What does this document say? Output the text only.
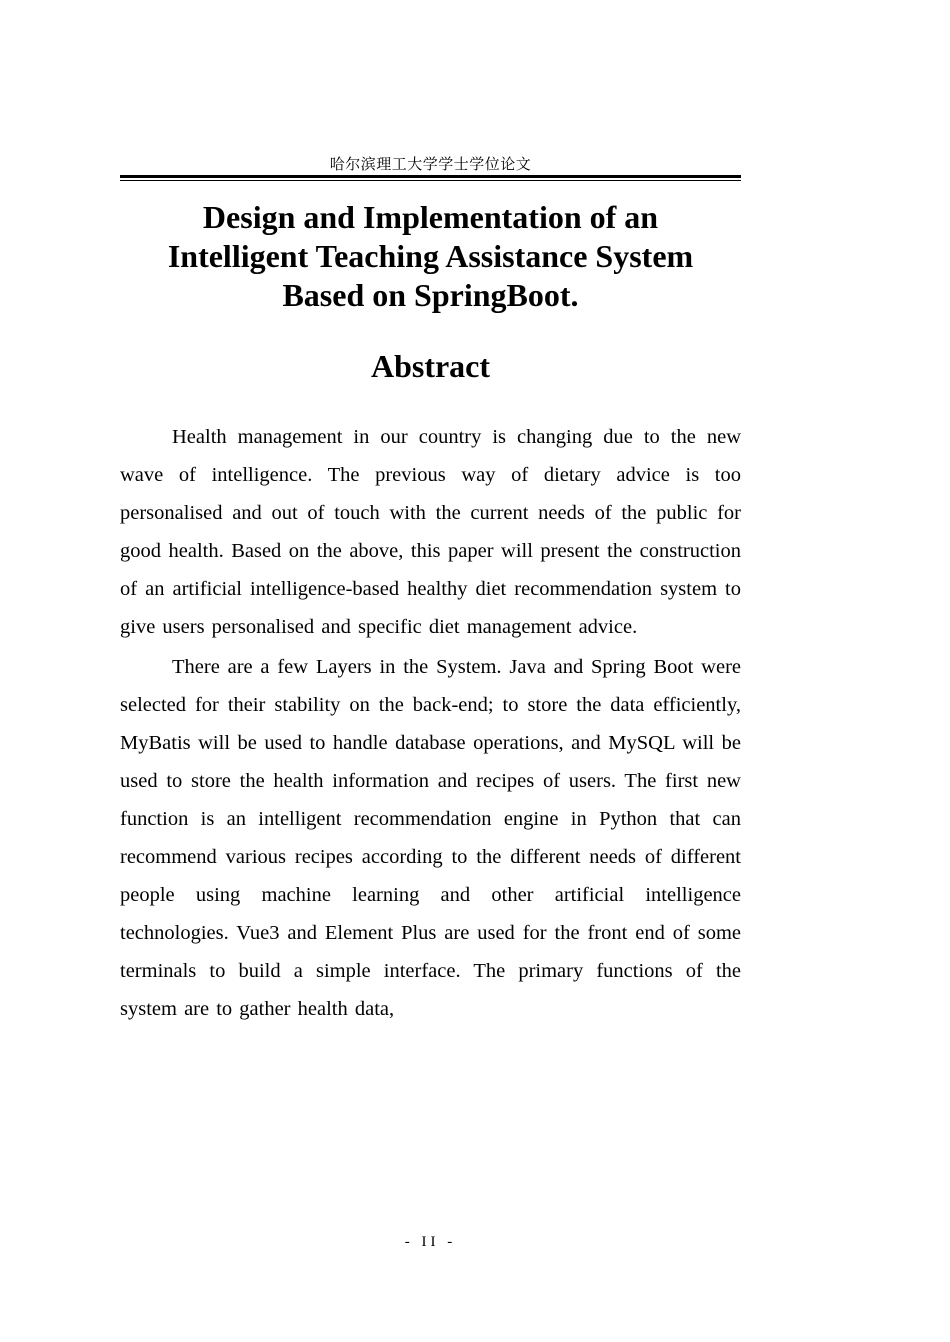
哈尔滨理工大学学士学位论文
Design and Implementation of an
Intelligent Teaching Assistance System
Based on SpringBoot.
Abstract

Health management in our country is changing due to the new wave of intelligence. The previous way of dietary advice is too personalised and out of touch with the current needs of the public for good health. Based on the above, this paper will present the construction of an artificial intelligence-based healthy diet recommendation system to give users personalised and specific diet management advice.

There are a few Layers in the System. Java and Spring Boot were selected for their stability on the back-end; to store the data efficiently, MyBatis will be used to handle database operations, and MySQL will be used to store the health information and recipes of users. The first new function is an intelligent recommendation engine in Python that can recommend various recipes according to the different needs of different people using machine learning and other artificial intelligence technologies. Vue3 and Element Plus are used for the front end of some terminals to build a simple interface. The primary functions of the system are to gather health data,

- II -
